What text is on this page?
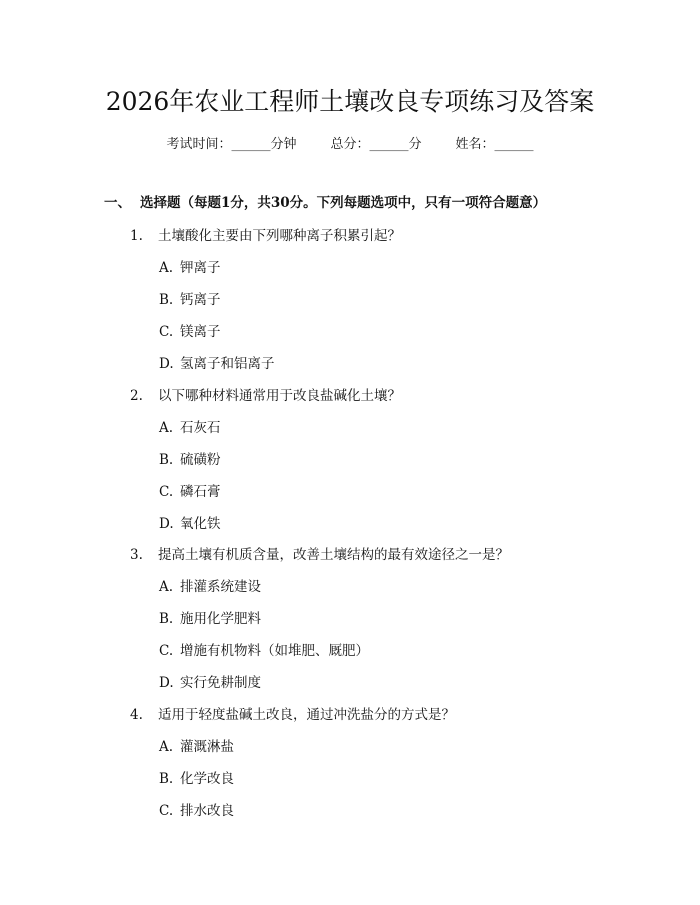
2026年农业工程师土壤改良专项练习及答案
考试时间：______分钟	总分：______分	姓名：______
一、 选择题（每题1分，共30分。下列每题选项中，只有一项符合题意）
1. 土壤酸化主要由下列哪种离子积累引起？
A. 钾离子
B. 钙离子
C. 镁离子
D. 氢离子和铝离子
2. 以下哪种材料通常用于改良盐碱化土壤？
A. 石灰石
B. 硫磺粉
C. 磷石膏
D. 氧化铁
3. 提高土壤有机质含量，改善土壤结构的最有效途径之一是？
A. 排灌系统建设
B. 施用化学肥料
C. 增施有机物料（如堆肥、厩肥）
D. 实行免耕制度
4. 适用于轻度盐碱土改良，通过冲洗盐分的方式是？
A. 灌溉淋盐
B. 化学改良
C. 排水改良
